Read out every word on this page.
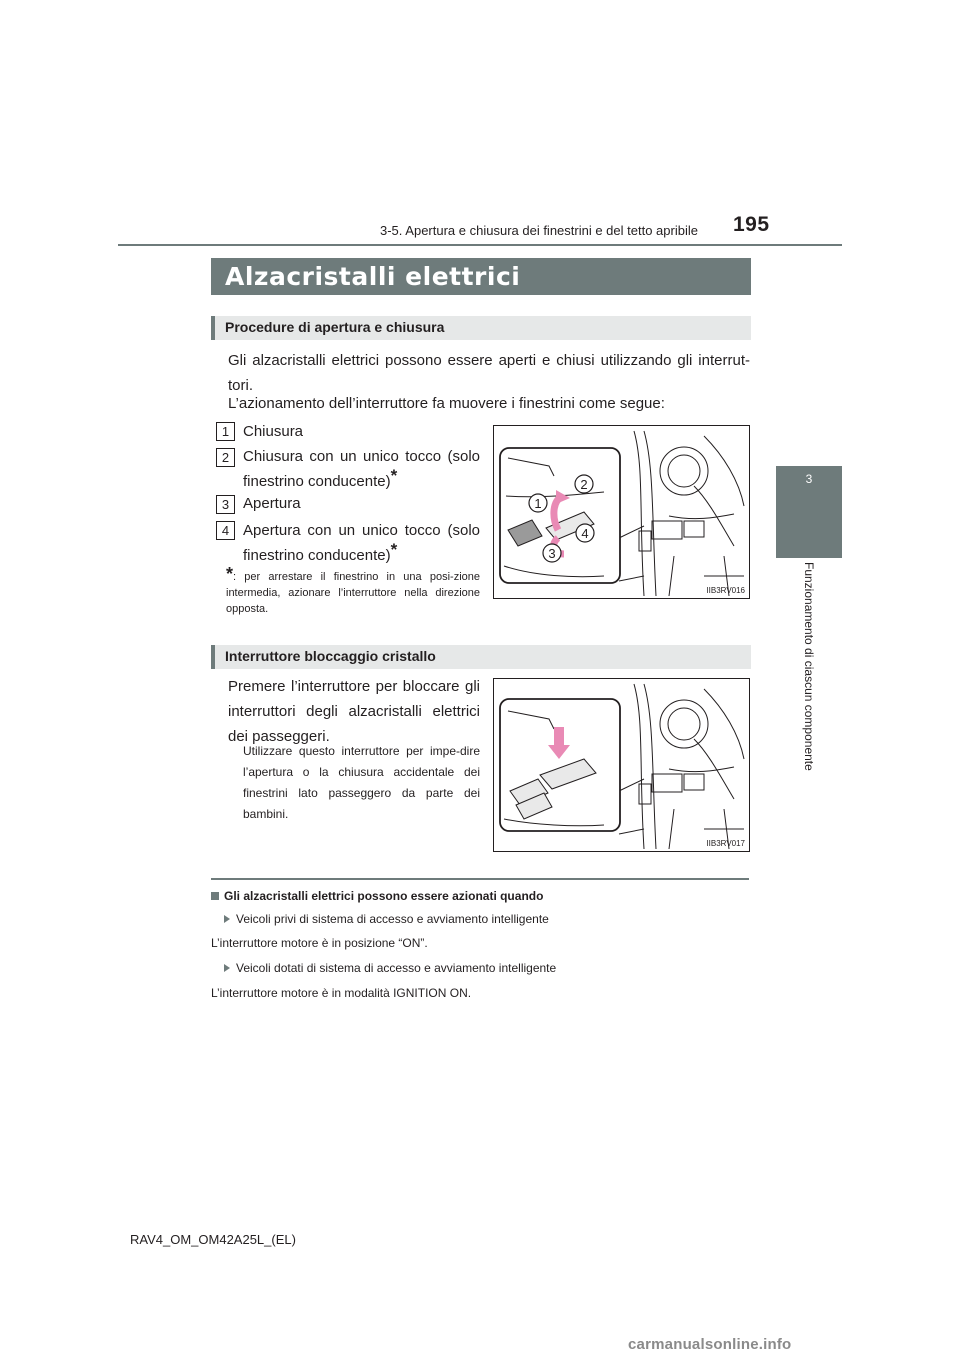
3-5. Apertura e chiusura dei finestrini e del tetto apribile 195
3
Funzionamento di ciascun componente
Alzacristalli elettrici
Procedure di apertura e chiusura
Gli alzacristalli elettrici possono essere aperti e chiusi utilizzando gli interrut-tori.
L’azionamento dell’interruttore fa muovere i finestrini come segue:
1 Chiusura
2 Chiusura con un unico tocco (solo finestrino conducente)*
3 Apertura
4 Apertura con un unico tocco (solo finestrino conducente)*
*: per arrestare il finestrino in una posi-zione intermedia, azionare l’interruttore nella direzione opposta.
1
2
3
4
IIB3RV016
Interruttore bloccaggio cristallo
Premere l’interruttore per bloccare gli interruttori degli alzacristalli elettrici dei passeggeri.
Utilizzare questo interruttore per impe-dire l’apertura o la chiusura accidentale dei finestrini lato passeggero da parte dei bambini.
IIB3RV017
Gli alzacristalli elettrici possono essere azionati quando
Veicoli privi di sistema di accesso e avviamento intelligente
L’interruttore motore è in posizione “ON”.
Veicoli dotati di sistema di accesso e avviamento intelligente
L’interruttore motore è in modalità IGNITION ON.
RAV4_OM_OM42A25L_(EL)
carmanualsonline.info
